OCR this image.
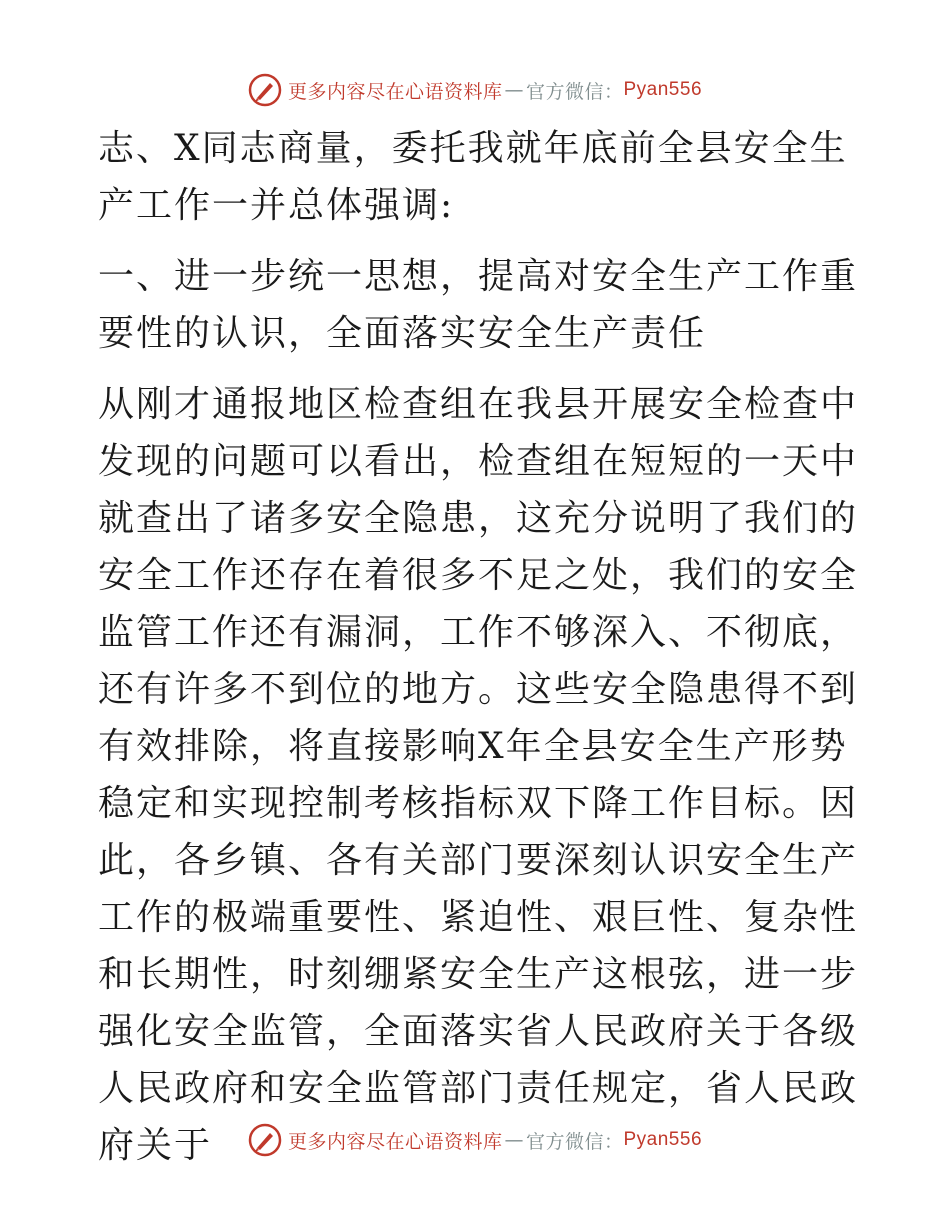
更多内容尽在心语资料库 — 官方微信： Pyan556

志、X同志商量，委托我就年底前全县安全生产工作一并总体强调:

一、进一步统一思想，提高对安全生产工作重要性的认识，全面落实安全生产责任

从刚才通报地区检查组在我县开展安全检查中发现的问题可以看出，检查组在短短的一天中就查出了诸多安全隐患，这充分说明了我们的安全工作还存在着很多不足之处，我们的安全监管工作还有漏洞，工作不够深入、不彻底，还有许多不到位的地方。这些安全隐患得不到有效排除，将直接影响X年全县安全生产形势稳定和实现控制考核指标双下降工作目标。因此，各乡镇、各有关部门要深刻认识安全生产工作的极端重要性、紧迫性、艰巨性、复杂性和长期性，时刻绷紧安全生产这根弦，进一步强化安全监管，全面落实省人民政府关于各级人民政府和安全监管部门责任规定，省人民政府关于	更多内容尽在心语资料库 — 官方微信： Pyan556
